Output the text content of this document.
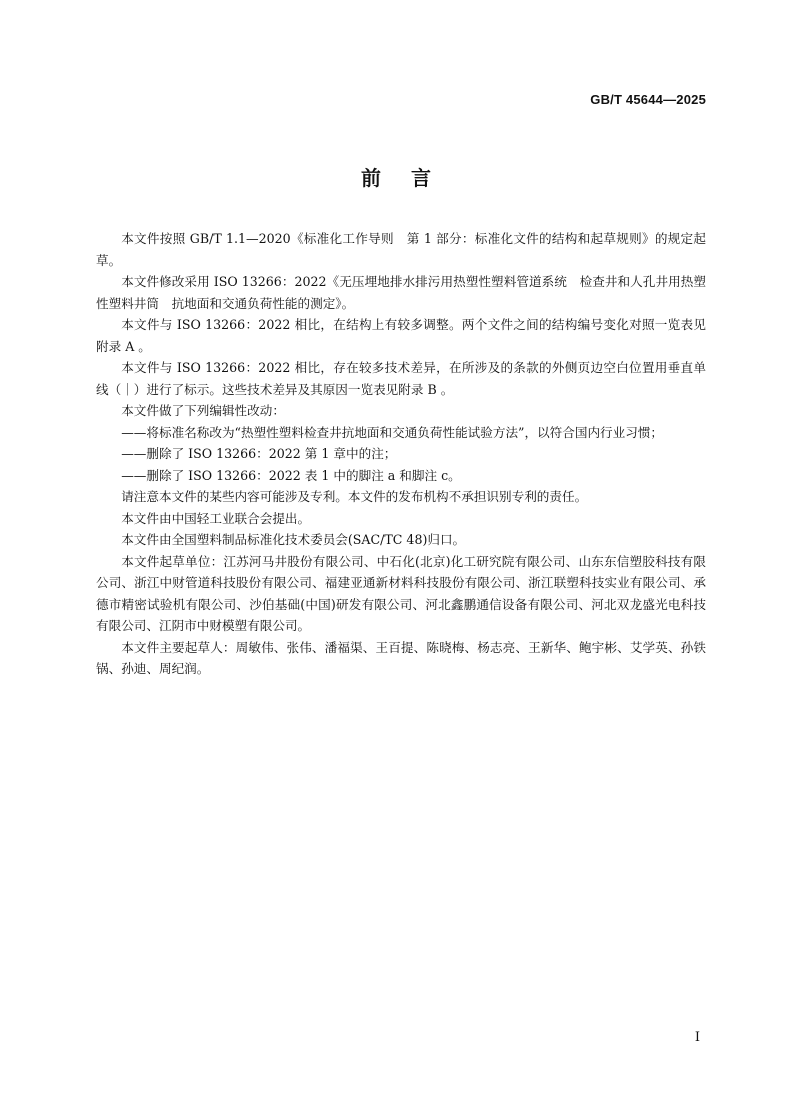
GB/T 45644—2025
前言

本文件按照 GB/T 1.1—2020《标准化工作导则　第 1 部分：标准化文件的结构和起草规则》的规定起草。

本文件修改采用 ISO 13266：2022《无压埋地排水排污用热塑性塑料管道系统　检查井和人孔井用热塑性塑料井筒　抗地面和交通负荷性能的测定》。

本文件与 ISO 13266：2022 相比，在结构上有较多调整。两个文件之间的结构编号变化对照一览表见附录 A 。

本文件与 ISO 13266：2022 相比，存在较多技术差异，在所涉及的条款的外侧页边空白位置用垂直单线（｜）进行了标示。这些技术差异及其原因一览表见附录 B 。

本文件做了下列编辑性改动：

——将标准名称改为“热塑性塑料检查井抗地面和交通负荷性能试验方法”，以符合国内行业习惯；

——删除了 ISO 13266：2022 第 1 章中的注；

——删除了 ISO 13266：2022 表 1 中的脚注 a 和脚注 c。

请注意本文件的某些内容可能涉及专利。本文件的发布机构不承担识别专利的责任。

本文件由中国轻工业联合会提出。

本文件由全国塑料制品标准化技术委员会(SAC/TC 48)归口。

本文件起草单位：江苏河马井股份有限公司、中石化(北京)化工研究院有限公司、山东东信塑胶科技有限公司、浙江中财管道科技股份有限公司、福建亚通新材料科技股份有限公司、浙江联塑科技实业有限公司、承德市精密试验机有限公司、沙伯基础(中国)研发有限公司、河北鑫鹏通信设备有限公司、河北双龙盛光电科技有限公司、江阴市中财模塑有限公司。

本文件主要起草人：周敏伟、张伟、潘福渠、王百提、陈晓梅、杨志亮、王新华、鲍宇彬、艾学英、孙铁锅、孙迪、周纪润。

I
